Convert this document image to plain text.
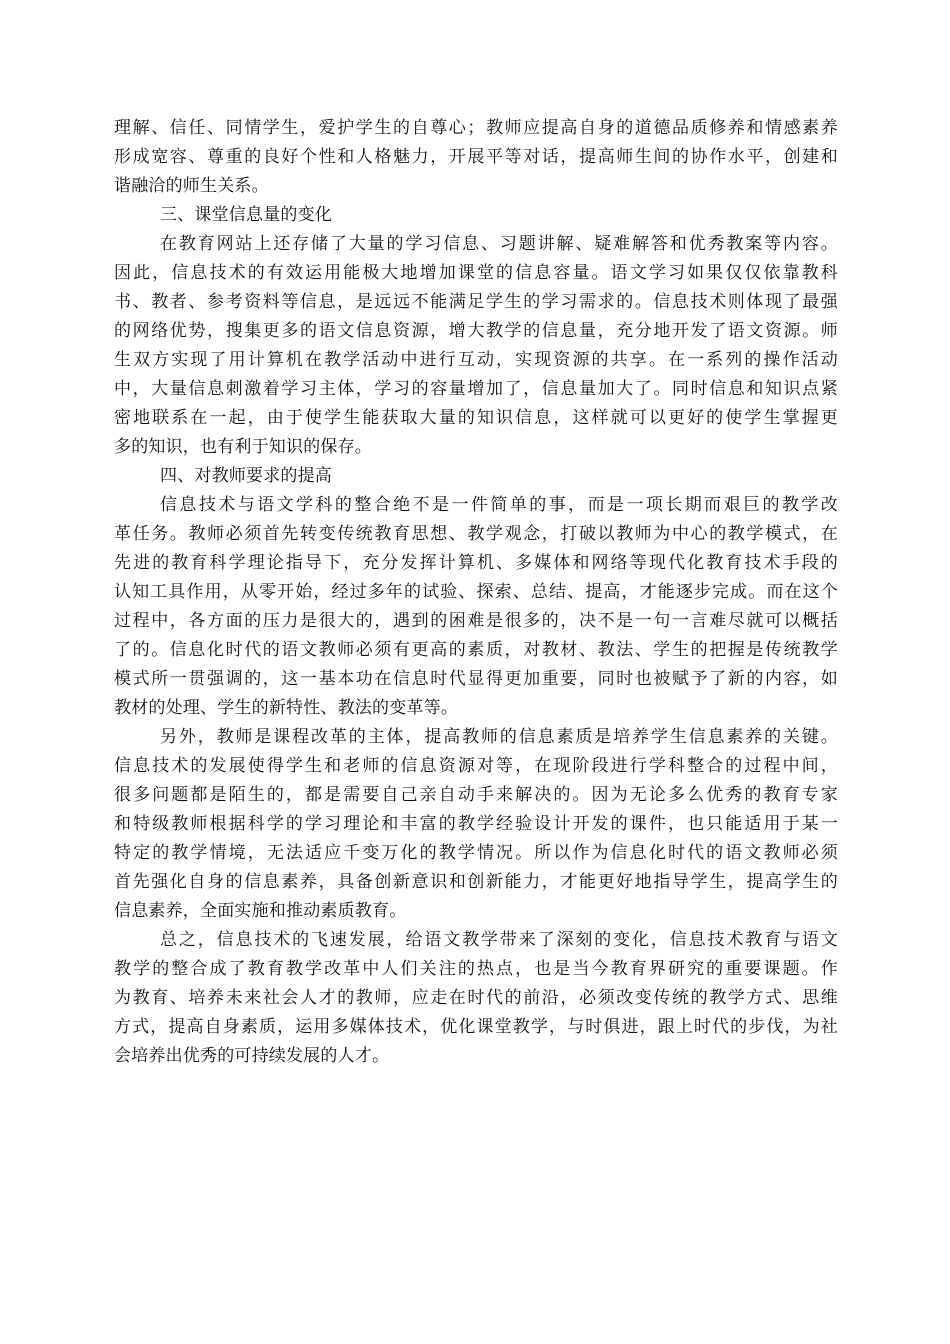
理解、信任、同情学生，爱护学生的自尊心；教师应提高自身的道德品质修养和情感素养
形成宽容、尊重的良好个性和人格魅力，开展平等对话，提高师生间的协作水平，创建和
谐融洽的师生关系。
三、课堂信息量的变化
在教育网站上还存储了大量的学习信息、习题讲解、疑难解答和优秀教案等内容。
因此，信息技术的有效运用能极大地增加课堂的信息容量。语文学习如果仅仅依靠教科
书、教者、参考资料等信息，是远远不能满足学生的学习需求的。信息技术则体现了最强
的网络优势，搜集更多的语文信息资源，增大教学的信息量，充分地开发了语文资源。师
生双方实现了用计算机在教学活动中进行互动，实现资源的共享。在一系列的操作活动
中，大量信息刺激着学习主体，学习的容量增加了，信息量加大了。同时信息和知识点紧
密地联系在一起，由于使学生能获取大量的知识信息，这样就可以更好的使学生掌握更
多的知识，也有利于知识的保存。
四、对教师要求的提高
信息技术与语文学科的整合绝不是一件简单的事，而是一项长期而艰巨的教学改
革任务。教师必须首先转变传统教育思想、教学观念，打破以教师为中心的教学模式，在
先进的教育科学理论指导下，充分发挥计算机、多媒体和网络等现代化教育技术手段的
认知工具作用，从零开始，经过多年的试验、探索、总结、提高，才能逐步完成。而在这个
过程中，各方面的压力是很大的，遇到的困难是很多的，决不是一句一言难尽就可以概括
了的。信息化时代的语文教师必须有更高的素质，对教材、教法、学生的把握是传统教学
模式所一贯强调的，这一基本功在信息时代显得更加重要，同时也被赋予了新的内容，如
教材的处理、学生的新特性、教法的变革等。
另外，教师是课程改革的主体，提高教师的信息素质是培养学生信息素养的关键。
信息技术的发展使得学生和老师的信息资源对等，在现阶段进行学科整合的过程中间，
很多问题都是陌生的，都是需要自己亲自动手来解决的。因为无论多么优秀的教育专家
和特级教师根据科学的学习理论和丰富的教学经验设计开发的课件，也只能适用于某一
特定的教学情境，无法适应千变万化的教学情况。所以作为信息化时代的语文教师必须
首先强化自身的信息素养，具备创新意识和创新能力，才能更好地指导学生，提高学生的
信息素养，全面实施和推动素质教育。
总之，信息技术的飞速发展，给语文教学带来了深刻的变化，信息技术教育与语文
教学的整合成了教育教学改革中人们关注的热点，也是当今教育界研究的重要课题。作
为教育、培养未来社会人才的教师，应走在时代的前沿，必须改变传统的教学方式、思维
方式，提高自身素质，运用多媒体技术，优化课堂教学，与时俱进，跟上时代的步伐，为社
会培养出优秀的可持续发展的人才。
